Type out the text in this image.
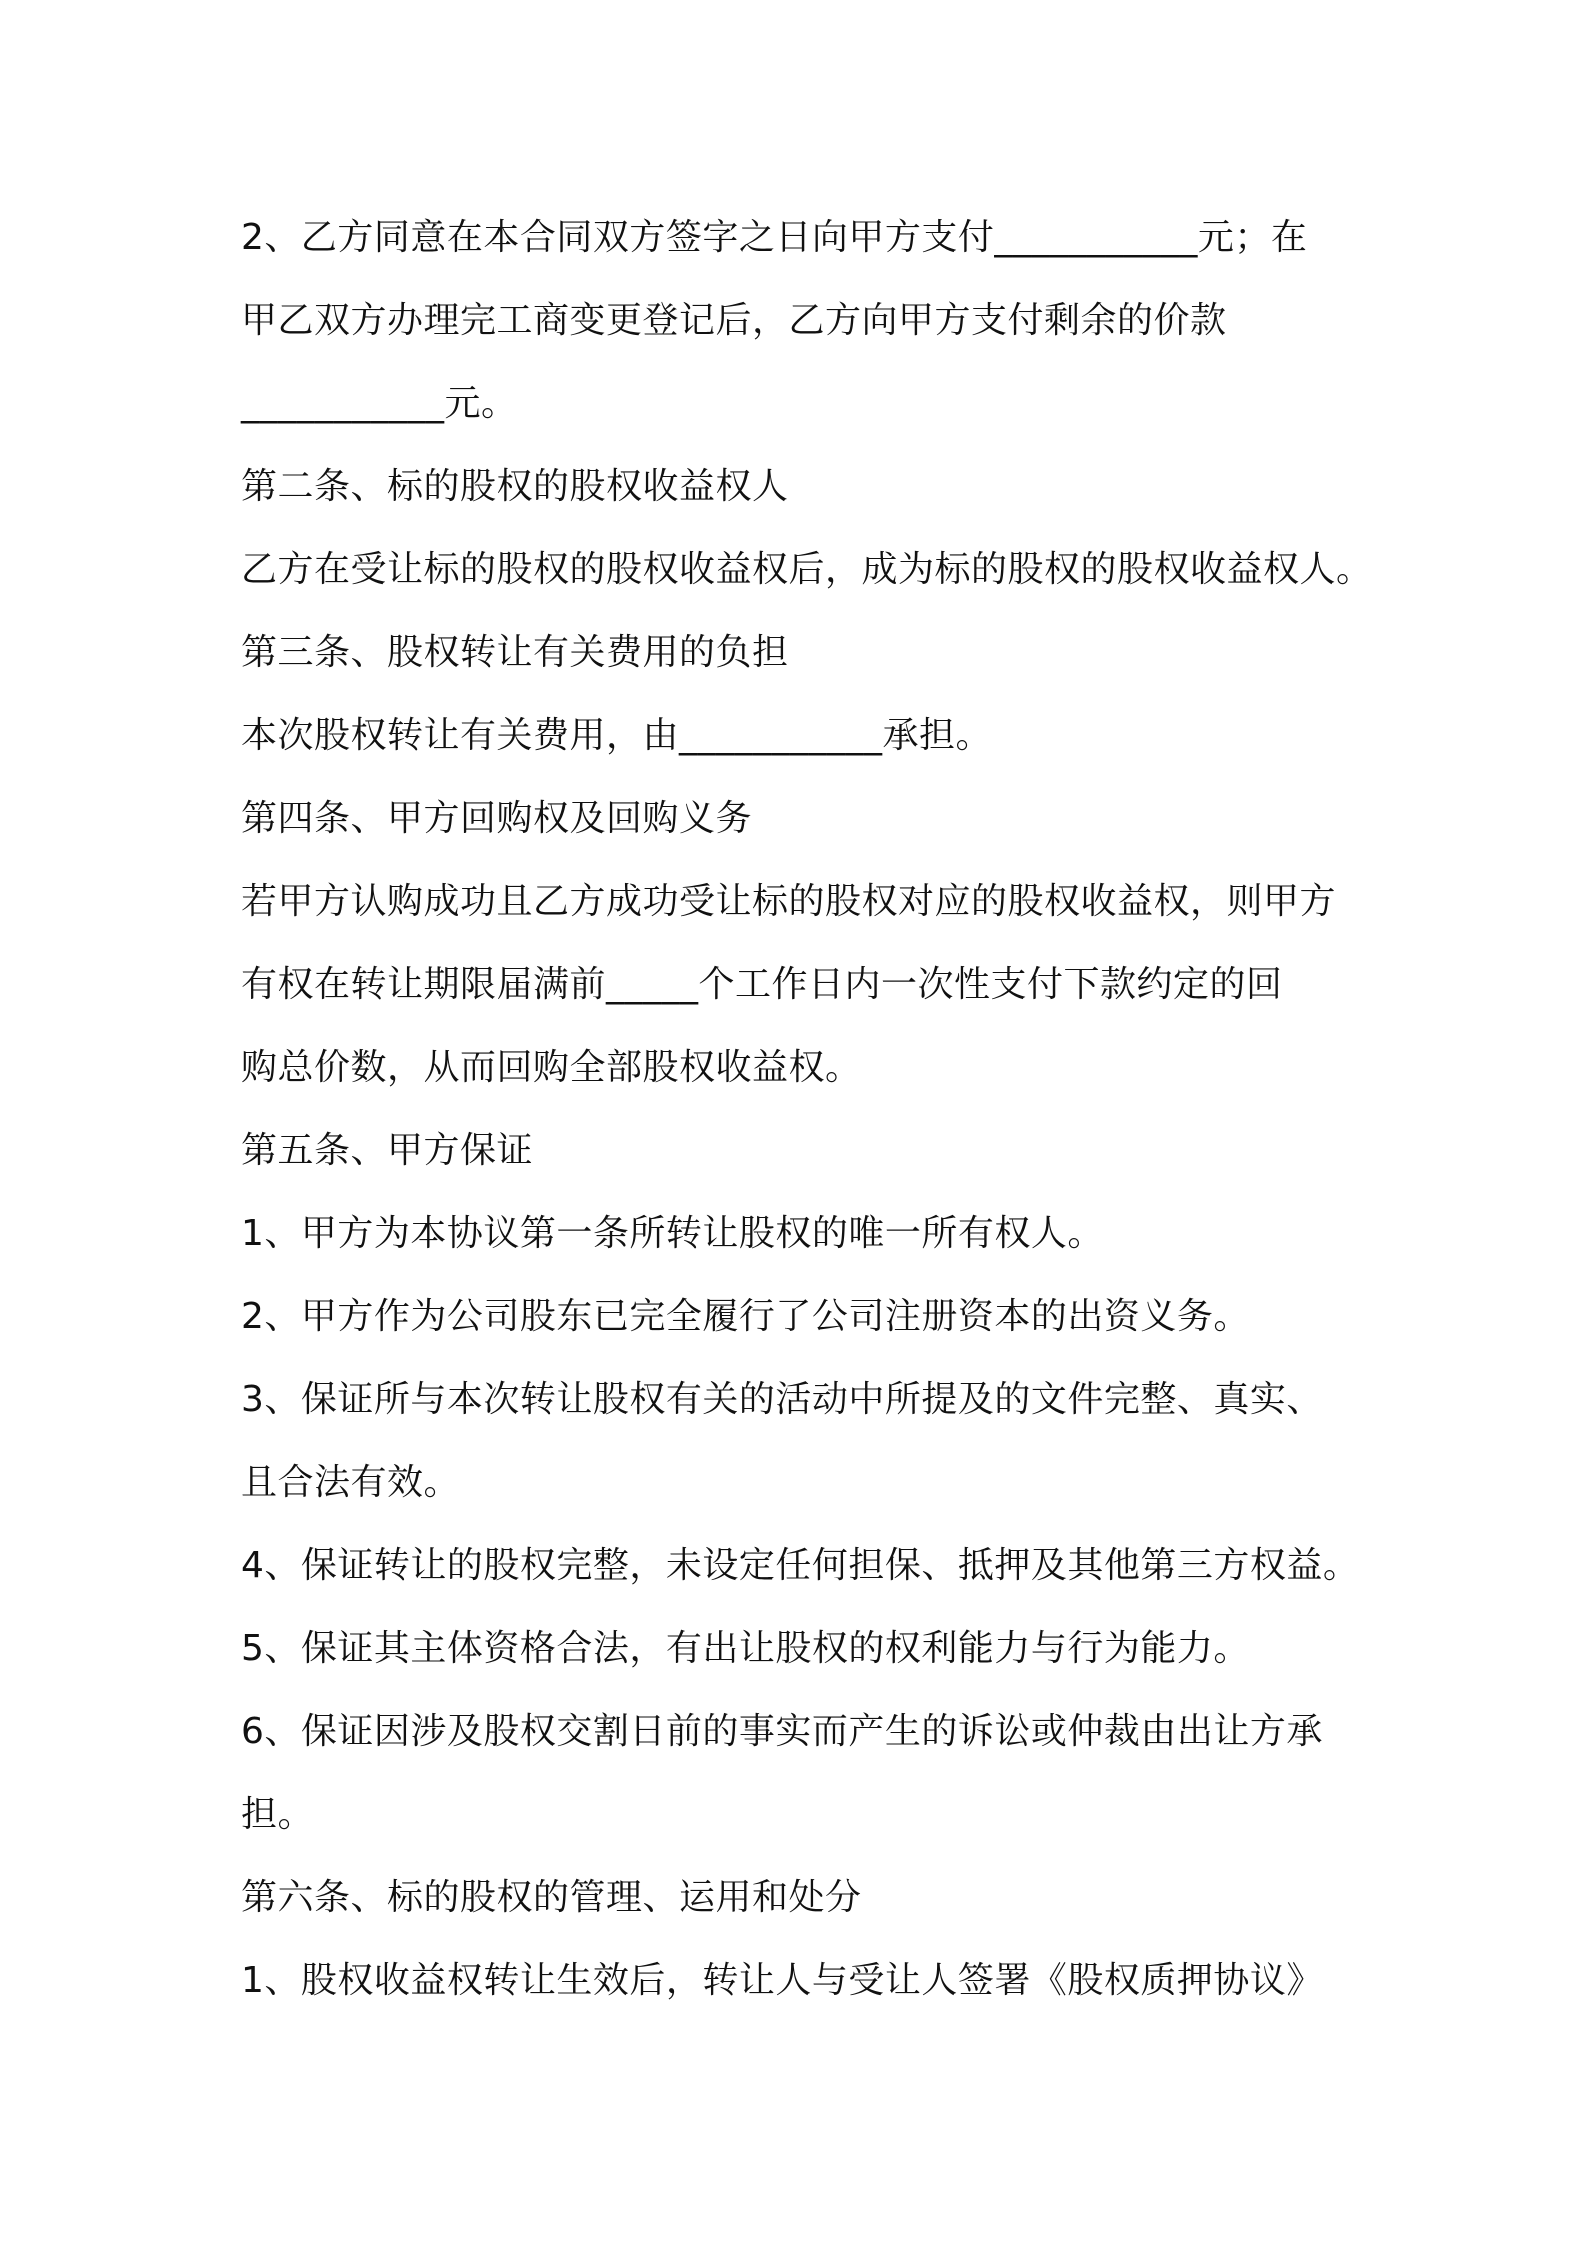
2、乙方同意在本合同双方签字之日向甲方支付___________元；在
甲乙双方办理完工商变更登记后，乙方向甲方支付剩余的价款
___________元。
第二条、标的股权的股权收益权人
乙方在受让标的股权的股权收益权后，成为标的股权的股权收益权人。
第三条、股权转让有关费用的负担
本次股权转让有关费用，由___________承担。
第四条、甲方回购权及回购义务
若甲方认购成功且乙方成功受让标的股权对应的股权收益权，则甲方
有权在转让期限届满前_____个工作日内一次性支付下款约定的回
购总价数，从而回购全部股权收益权。
第五条、甲方保证
1、甲方为本协议第一条所转让股权的唯一所有权人。
2、甲方作为公司股东已完全履行了公司注册资本的出资义务。
3、保证所与本次转让股权有关的活动中所提及的文件完整、真实、
且合法有效。
4、保证转让的股权完整，未设定任何担保、抵押及其他第三方权益。
5、保证其主体资格合法，有出让股权的权利能力与行为能力。
6、保证因涉及股权交割日前的事实而产生的诉讼或仲裁由出让方承
担。
第六条、标的股权的管理、运用和处分
1、股权收益权转让生效后，转让人与受让人签署《股权质押协议》
